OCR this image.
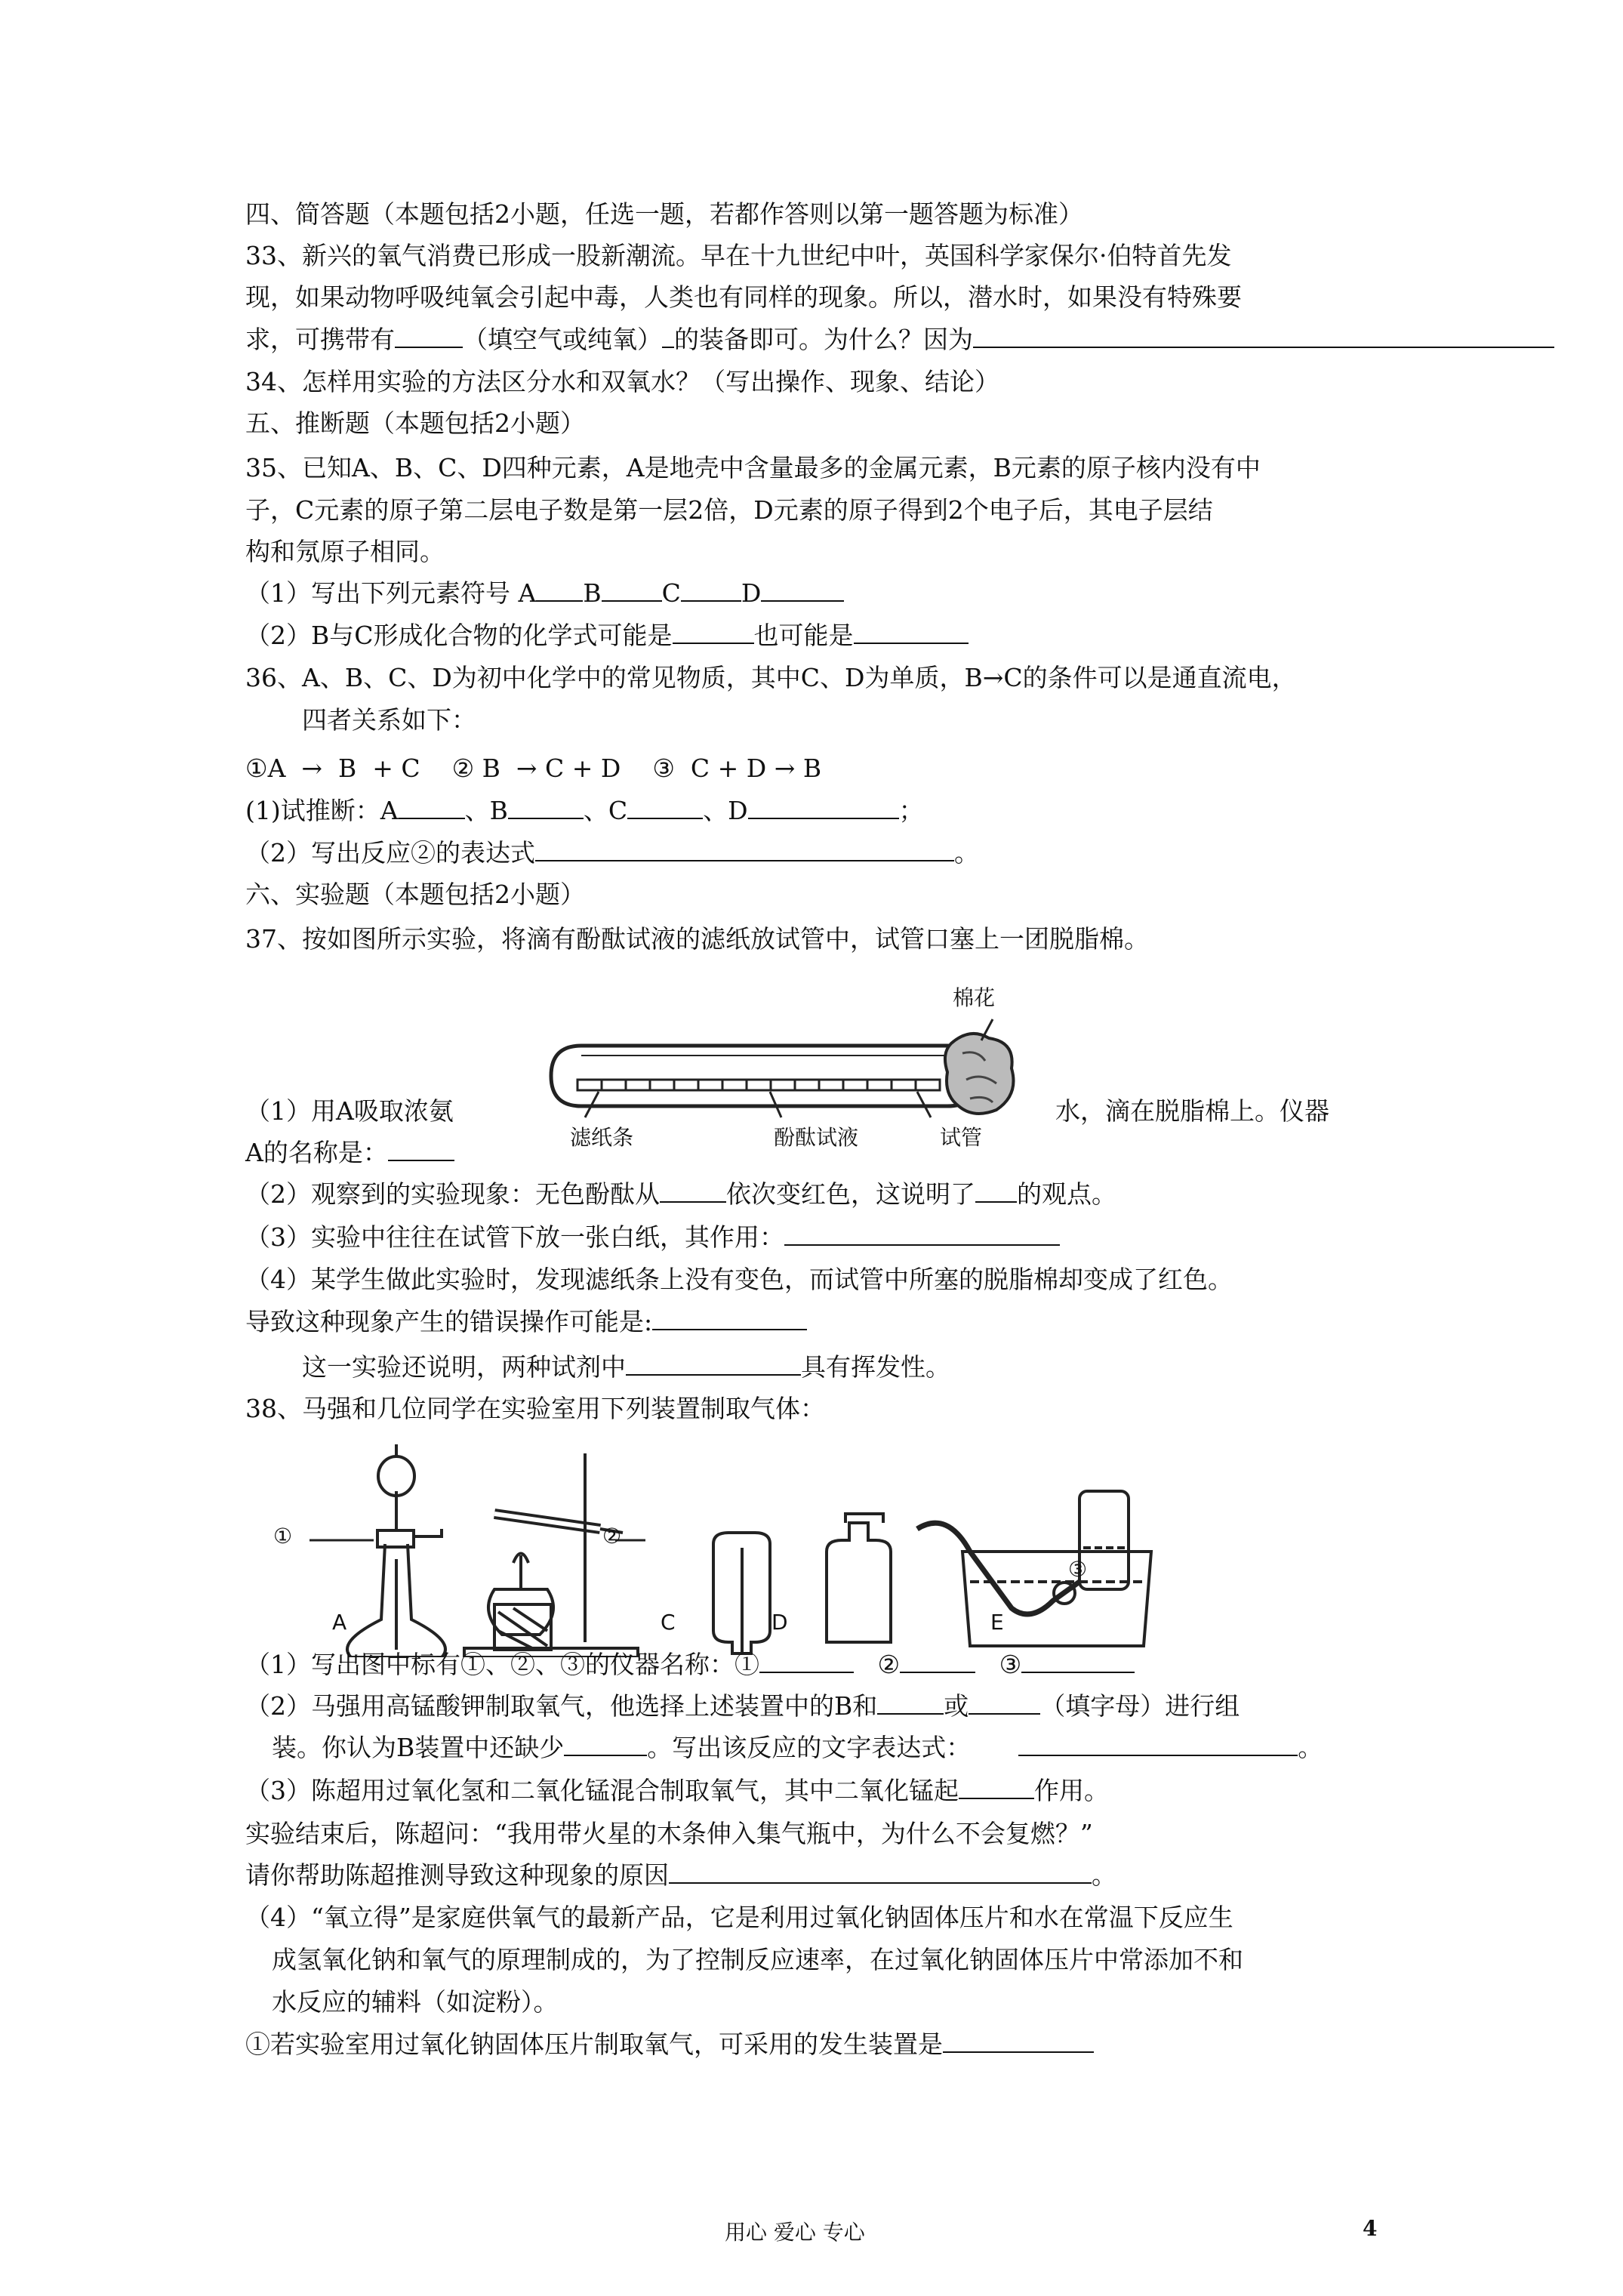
四、简答题（本题包括2小题，任选一题，若都作答则以第一题答题为标准）
33、新兴的氧气消费已形成一股新潮流。早在十九世纪中叶，英国科学家保尔·伯特首先发
现，如果动物呼吸纯氧会引起中毒，人类也有同样的现象。所以，潜水时，如果没有特殊要
求，可携带有	（填空气或纯氧） 的装备即可。为什么？因为
34、怎样用实验的方法区分水和双氧水？（写出操作、现象、结论）
五、推断题（本题包括2小题）
35、已知A、B、C、D四种元素，A是地壳中含量最多的金属元素，B元素的原子核内没有中
子，C元素的原子第二层电子数是第一层2倍，D元素的原子得到2个电子后，其电子层结
构和氖原子相同。
（1）写出下列元素符号 A B C D
（2）B与C形成化合物的化学式可能是	也可能是
36、A、B、C、D为初中化学中的常见物质，其中C、D为单质，B→C的条件可以是通直流电，
四者关系如下：
①A  →  B  + C    ② B  → C + D    ③  C + D → B
(1)试推断：A	、B	、C	、D	；
（2）写出反应②的表达式	。
六、实验题（本题包括2小题）
37、按如图所示实验，将滴有酚酞试液的滤纸放试管中，试管口塞上一团脱脂棉。
棉花
滤纸条	酚酞试液	试管
（1）用A吸取浓氨	水，滴在脱脂棉上。仪器
A的名称是：
（2）观察到的实验现象：无色酚酞从	依次变红色，这说明了 的观点。
（3）实验中往往在试管下放一张白纸，其作用：
（4）某学生做此实验时，发现滤纸条上没有变色，而试管中所塞的脱脂棉却变成了红色。
导致这种现象产生的错误操作可能是:
这一实验还说明，两种试剂中	具有挥发性。
38、马强和几位同学在实验室用下列装置制取气体：
①	②
③
A	C	D	E
（1）写出图中标有①、②、③的仪器名称：①	②	③
（2）马强用高锰酸钾制取氧气，他选择上述装置中的B和	或	（填字母）进行组
装。你认为B装置中还缺少	。写出该反应的文字表达式：	。
（3）陈超用过氧化氢和二氧化锰混合制取氧气，其中二氧化锰起	作用。
实验结束后，陈超问：“我用带火星的木条伸入集气瓶中，为什么不会复燃？”
请你帮助陈超推测导致这种现象的原因	。
（4）“氧立得”是家庭供氧气的最新产品，它是利用过氧化钠固体压片和水在常温下反应生
成氢氧化钠和氧气的原理制成的，为了控制反应速率，在过氧化钠固体压片中常添加不和
水反应的辅料（如淀粉）。
①若实验室用过氧化钠固体压片制取氧气，可采用的发生装置是
用心 爱心 专心	4
